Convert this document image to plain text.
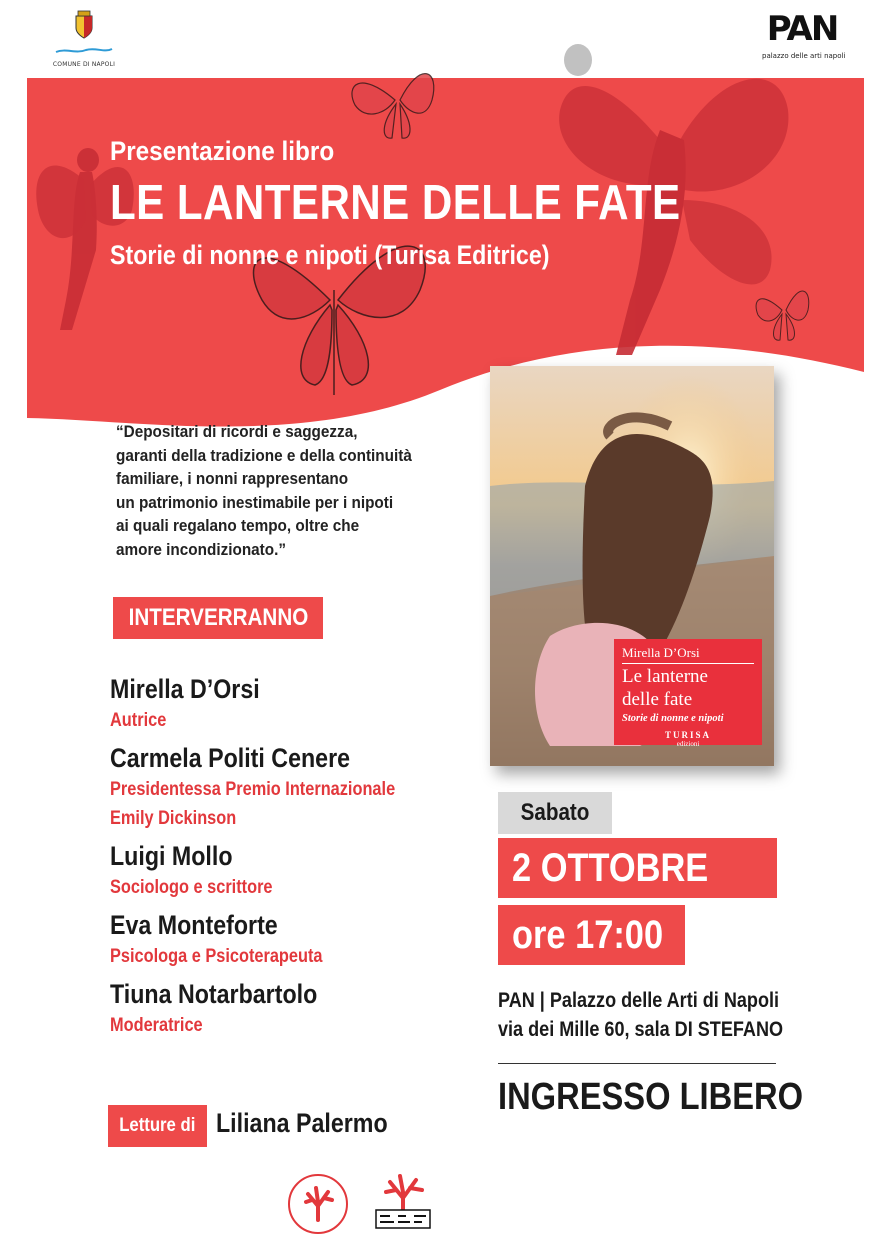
COMUNE DI NAPOLI
PAN
palazzo delle arti napoli
Presentazione libro
LE LANTERNE DELLE FATE
Storie di nonne e nipoti (Turisa Editrice)
“Depositari di ricordi e saggezza,
garanti della tradizione e della continuità
familiare, i nonni rappresentano
un patrimonio inestimabile per i nipoti
ai quali regalano tempo, oltre che
amore incondizionato.”
INTERVERRANNO
Mirella D’Orsi
Autrice
Carmela Politi Cenere
Presidentessa Premio Internazionale
Emily Dickinson
Luigi Mollo
Sociologo e scrittore
Eva Monteforte
Psicologa e Psicoterapeuta
Tiuna Notarbartolo
Moderatrice
Letture di Liliana Palermo
Mirella D’Orsi
Le lanterne
delle fate
Storie di nonne e nipoti
TURISA
edizioni
Sabato
2 OTTOBRE
ore 17:00
PAN | Palazzo delle Arti di Napoli
via dei Mille 60, sala DI STEFANO
INGRESSO LIBERO
